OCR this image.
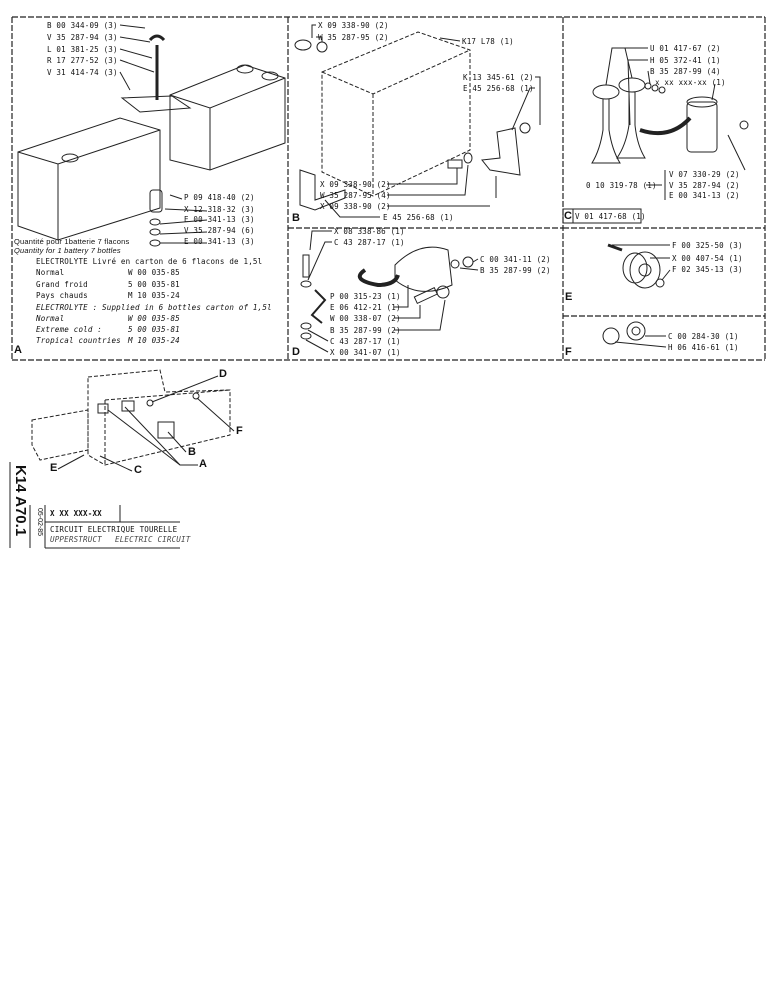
B 00 344-09 (3)
V 35 287-94 (3)
L 01 381-25 (3)
R 17 277-52 (3)
V 31 414-74 (3)
P 09 418-40 (2)
X 12 318-32 (3)
E 00 341-13 (3)
V 35 287-94 (6)
E 00 341-13 (3)
Quantité pour 1batterie 7 flacons
Quantity for 1 battery 7 bottles
ELECTROLYTE Livré en carton de 6 flacons de 1,5l
Normal	W 00 035-85
Grand froid	5 00 035-81
Pays chauds	M 10 035-24
ELECTROLYTE : Supplied in 6 bottles carton of 1,5l
Normal	W 00 035-85
Extreme cold :	5 00 035-81
Tropical countries M 10 035-24
A
X 09 338-90 (2)
W 35 287-95 (2)	K17 L78 (1)
K 13 345-61 (2)
E 45 256-68 (1)
X 09 338-90 (2)
W 35 287-95 (4)
X 09 338-90 (2)
E 45 256-68 (1)
B
U 01 417-67 (2)
H 05 372-41 (1)
B 35 287-99 (4)
x xx xxx-xx (1)
V 07 330-29 (2)
V 35 287-94 (2)
E 00 341-13 (2)
0 10 319-78 (1)
C V 01 417-68 (1)
X 08 338-86 (1)
C 43 287-17 (1)
P 00 315-23 (1)
E 06 412-21 (1)
W 00 338-07 (2)
B 35 287-99 (2)
C 43 287-17 (1)
X 00 341-07 (1)
C 00 341-11 (2)
B 35 287-99 (2)
D
F 00 325-50 (3)
X 00 407-54 (1)
F 02 345-13 (3)
E
C 00 284-30 (1)
H 06 416-61 (1)
F
D
F
B
A
E	C
K14 A70.1 05-02-85 X XX XXX-XX
CIRCUIT ELECTRIQUE TOURELLE
UPPERSTRUCT ELECTRIC CIRCUIT
